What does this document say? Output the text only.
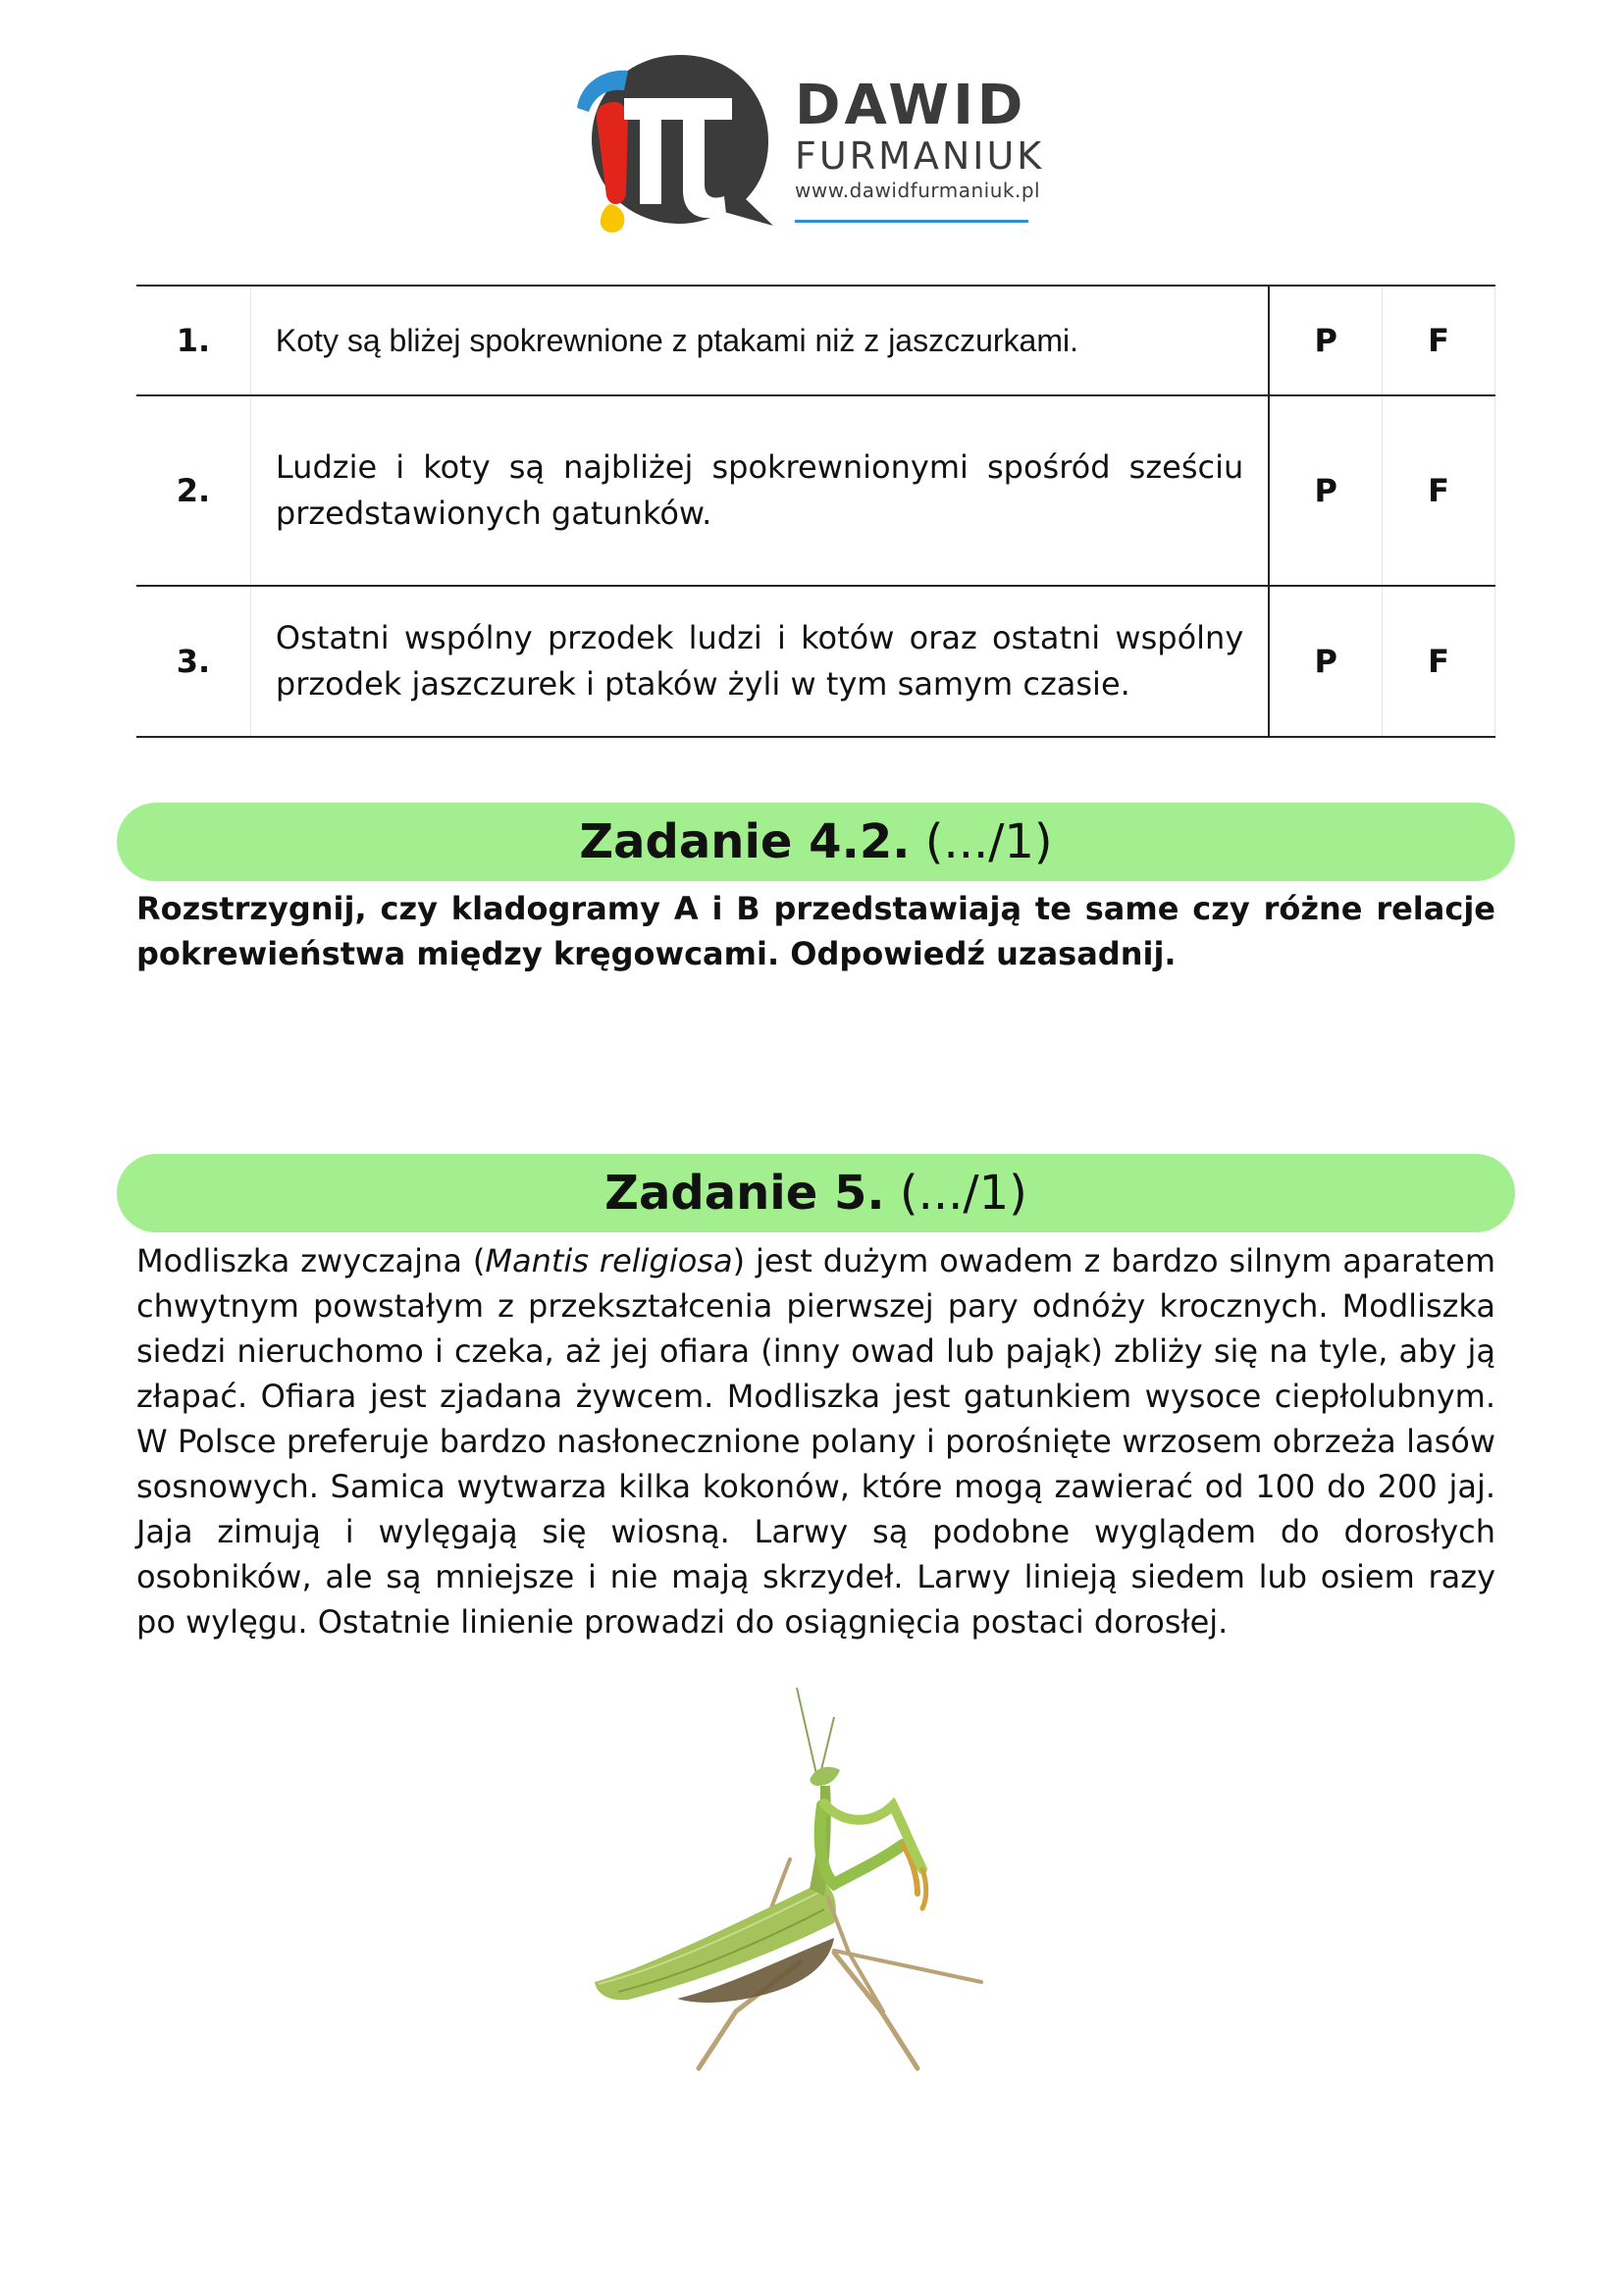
DAWID
FURMANIUK
www.dawidfurmaniuk.pl
1.	Koty są bliżej spokrewnione z ptakami niż z jaszczurkami.	P	F
2.	Ludzie i koty są najbliżej spokrewnionymi spośród sześciu przedstawionych gatunków.	P	F
3.	Ostatni wspólny przodek ludzi i kotów oraz ostatni wspólny przodek jaszczurek i ptaków żyli w tym samym czasie.	P	F
Zadanie 4.2. (.../1)
Rozstrzygnij, czy kladogramy A i B przedstawiają te same czy różne relacje pokrewieństwa między kręgowcami. Odpowiedź uzasadnij.
Zadanie 5. (.../1)
Modliszka zwyczajna (Mantis religiosa) jest dużym owadem z bardzo silnym aparatem chwytnym powstałym z przekształcenia pierwszej pary odnóży krocznych. Modliszka siedzi nieruchomo i czeka, aż jej ofiara (inny owad lub pająk) zbliży się na tyle, aby ją złapać. Ofiara jest zjadana żywcem. Modliszka jest gatunkiem wysoce ciepłolubnym. W Polsce preferuje bardzo nasłonecznione polany i porośnięte wrzosem obrzeża lasów sosnowych. Samica wytwarza kilka kokonów, które mogą zawierać od 100 do 200 jaj. Jaja zimują i wylęgają się wiosną. Larwy są podobne wyglądem do dorosłych osobników, ale są mniejsze i nie mają skrzydeł. Larwy linieją siedem lub osiem razy po wylęgu. Ostatnie linienie prowadzi do osiągnięcia postaci dorosłej.
